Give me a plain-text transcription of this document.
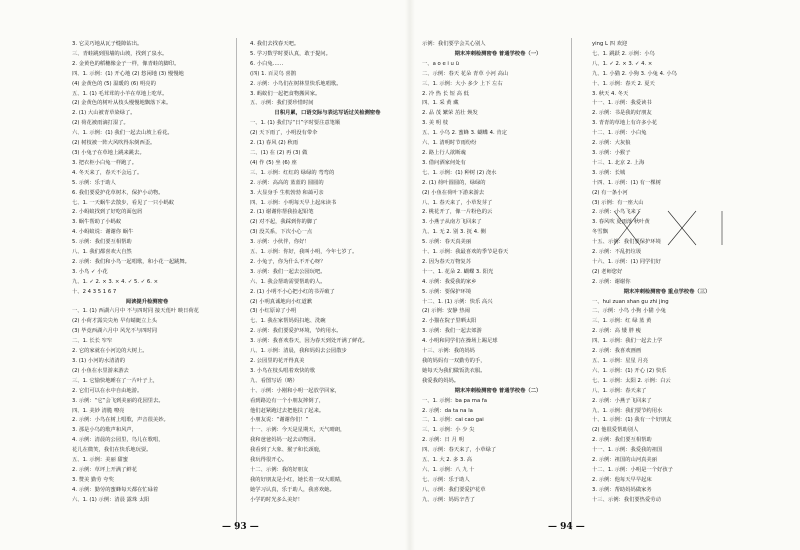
3. 它灵巧地从瓦子缝隙钻出。
三、青蛙跳到围墙的山坡，找到了泉水。
2. 金黄色的稻穗像金子一样，像青蛙的脚印。
四、1. 示例：(1) 开心地 (2) 悠闲地 (3) 慢慢地
(4) 金黄色的 (5) 温暖的 (6) 明亮的
五、1. (1) 毛茸茸的小羊在草地上吃草。
(2) 金黄色的树叶从枝头慢慢地飘落下来。
2. (1) 大山被青草染绿了。
(2) 荷花被雨滴打湿了。
六、1. 示例：(1) 我们一起去山坡上看花。
(2) 树枝被一阵大风吹得东倒西歪。
(3) 小兔子在草地上跳来跳去。
3. 把衣柜小白兔一样跑了。
4. 冬天来了，春天不会远了。
5. 示例：乐于助人
6. 我们要爱护花草树木，保护小动物。
七、1. 一天蜗牛去散步，看见了一只小蚂蚁
2. 小蚂蚁找到了好吃的面包屑
3. 蜗牛帮助了小蚂蚁
4. 小蚂蚁说：谢谢你 蜗牛
5. 示例：我们要互相帮助
八、1. 我们都喜欢大自然
2. 示例：我们和小鸟一起唱歌，和小花一起跳舞。
3. 小鸟 ✓ 小花
九、1. ✓ 2. × 3. × 4. ✓ 5. ✓ 6. ×
十、2 4 3 5 1 6 7
阅读提升检测密卷
一、1. (1) 西湖六月中 不与四时同 接天莲叶 映日荷花
(2) 小荷才露尖尖角 早有蜻蜓立上头
(3) 毕竟西湖六月中 风光不与四时同
二、1. 长长 窄窄
2. 它的家就在小河边的大树上。
3. (1) 小河的水清清的
(2) 小鱼在水里游来游去
三、1. 它愉快地睡在了一片叶子上，
2. 它们可以在水中自由地游。
3. 示例：“它”会飞到美丽的花园里去。
四、1. 美妙 清脆 嘹亮
2. 示例：小鸟在树上唱歌，声音很美妙。
3. 那是小鸟的歌声和风声，
4. 示例：清晨的公园里，鸟儿在歌唱，
花儿在微笑，我们在快乐地玩耍。
五、1. 示例：美丽 甜蜜
2. 示例：草坪上开满了鲜花
3. 赞美 勤劳 夸奖
4. 示例：勤劳的蜜蜂每天都在忙碌着
六、1. (1) 示例：清晨 露珠 太阳
4. 我们去找春天吧。
5. 学习数学时要认真，敢于提问。
6. 小白兔……
(四) 1. 百灵鸟 喜鹊
2. 示例：小鸟们在树林里快乐地唱歌。
3. 蚂蚁们一起把食物搬回家。
五、示例：我们要珍惜时间
日积月累，口语交际与表达写话过关检测密卷
一、1. (1) 我们写“日”字时要注意笔顺
(2) 天下雨了，小明没有带伞
2. (1) 春风 (2) 秋雨
二、(1) 在 (2) 再 (3) 做
(4) 作 (5) 坐 (6) 座
三、1. 示例：红红的 绿绿的 弯弯的
2. 示例：高高的 蓝蓝的 圆圆的
3. 大显身手 生机勃勃 和蔼可亲
四、1. 示例：小明每天早上起床读书
2. (1) 谢谢你帮我捡起铅笔
(2) 对不起，我踩到你的脚了
(3) 没关系，下次小心一点
3. 示例：小伙伴，你好！
五、1. 示例：你好，我叫小明，今年七岁了。
2. 小兔子，你为什么不开心呀？
3. 示例：我们一起去公园玩吧。
六、1. 我会帮助需要帮助的人。
2. (1) 小明不小心把小红的书弄破了
(2) 小明真诚地向小红道歉
(3) 小红原谅了小明
七、1. 我在家帮妈妈扫地、洗碗
2. 示例：我们要爱护环境，节约用水。
3. 示例：我喜欢春天，因为春天到处开满了鲜花。
八、1. 示例：清晨，我和妈妈去公园散步
2. 公园里的花开得真美
3. 小鸟在枝头唱着欢快的歌
九、看图写话（略）
十、示例：小刚和小明一起放学回家，
看到路边有一个小朋友摔倒了，
他们赶紧跑过去把他扶了起来。
小朋友说：“谢谢你们！”
十一、示例：今天是星期天，天气晴朗，
我和爸爸妈妈一起去动物园。
我看到了大象、猴子和长颈鹿，
我玩得很开心。
十二、示例：我的好朋友
我的好朋友是小红，她长着一双大眼睛，
她学习认真，乐于助人，我喜欢她。
小学的时光多么美好！
示例：我们要学会关心别人
期末冲刺检测密卷 普通学校卷（一）
一、a o e i u ü
二、示例：春天 花朵 青草 小河 高山
三、1. 示例：大小 多少 上下 左右
2. 冷 热 长 短 高 低
四、1. 采 黄 藏
2. 品 茂 繁荣 茁壮 焕发
3. 美 明 枝
五、1. 小鸟 2. 蜜蜂 3. 蝴蝶 4. 肯定
六、1. 清明时节雨纷纷
2. 路上行人欲断魂
3. 借问酒家何处有
七、1. 示例：(1) 种树 (2) 浇水
2. (1) 荷叶圆圆的，绿绿的
(2) 小鱼在荷叶下游来游去
八、1. 春天来了，小草发芽了
2. 桃花开了，像一片粉色的云
3. 小燕子从南方飞回来了
九、1. 无 2. 别 3. 抚 4. 侧
5. 示例：春天真美丽
十、1. 示例：我最喜欢的季节是春天
2. 因为春天万物复苏
十一、1. 花朵 2. 蝴蝶 3. 阳光
4. 示例：我爱我的家乡
5. 示例：要保护环境
十二、1. (1) 示例：快乐 高兴
(2) 示例：安静 热闹
2. 小猫在院子里晒太阳
3. 示例：我们一起去郊游
4. 小明和同学们在操场上踢足球
十三、示例：我的妈妈
我的妈妈有一双勤劳的手，
她每天为我们做饭洗衣服。
我爱我的妈妈。
期末冲刺检测密卷 普通学校卷（二）
一、1. 示例：ba pa ma fa
2. 示例：da ta na la
二、1. 示例：cai cao gai
三、1. 示例：小 少 尖
2. 示例：日 月 明
四、示例：春天来了，小草绿了
五、1. 大 2. 多 3. 高
六、1. 示例：八 九 十
七、示例：乐于助人
八、示例：我们要爱护花草
九、示例：妈妈辛苦了
ying L 四 欢迎
七、1. 跳跃 2. 示例：小鸟
八、1. ✓ 2. × 3. ✓ 4. ×
九、1. 小猫 2. 小狗 3. 小兔 4. 小鸟
十、1. 示例：春天 2. 夏天
3. 秋天 4. 冬天
十一、1. 示例：我爱读书
2. 示例：书是我的好朋友
3. 青青的草地上有许多小花
十二、1. 示例：小白兔
2. 示例：大灰狼
3. 示例：小猴子
十三、1. 北京 2. 上海
3. 示例：长城
十四、1. 示例：(1) 有一棵树
(2) 有一条小河
(3) 示例：有一座大山
2. 示例：小鸟飞来了
3. 春风吹 夏雨落 秋叶黄
冬雪飘
十五、示例：我们要保护环境
2. 示例：不乱扔垃圾
十六、1. 示例：(1) 同学们好
(2) 老师您好
2. 示例：谢谢你
期末冲刺检测密卷 重点学校卷（三）
一、hui zuan shan gu zhi jing
二、示例：小鸟 小狗 小猫 小兔
三、1. 示例：红 绿 蓝 黄
2. 示例：高 矮 胖 瘦
四、1. 示例：我们一起去上学
2. 示例：我喜欢画画
五、1. 示例：星星 月亮
六、1. 示例：(1) 开心 (2) 快乐
七、1. 示例：太阳 2. 示例：白云
八、1. 示例：春天来了
2. 示例：小燕子飞回来了
九、1. 示例：我们要节约用水
十、1. 示例：(1) 我有一个好朋友
(2) 他很爱帮助别人
2. 示例：我们要互相帮助
十一、1. 示例：我爱我的祖国
2. 示例：祖国的山河真美丽
十二、1. 示例：小明是一个好孩子
2. 示例：他每天早早起床
3. 示例：帮助妈妈做家务
十三、示例：我们要热爱劳动
— 93 —	— 94 —
